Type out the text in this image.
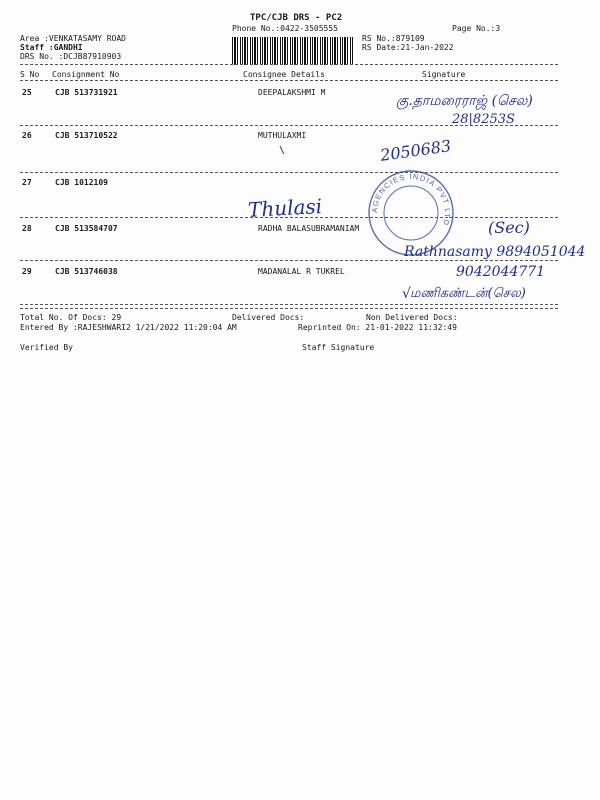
TPC/CJB DRS - PC2
Phone No.:0422-3505555	Page No.:3
Area :VENKATASAMY ROAD
Staff :GANDHI
DRS No. :DCJB87910903
RS No.:879109
RS Date:21-Jan-2022
S No Consignment No	Consignee Details	Signature
25	CJB 513731921	DEEPALAKSHMI M
26	CJB 513710522	MUTHULAXMI
\
27	CJB 1012109
28	CJB 513584707	RADHA BALASUBRAMANIAM
29	CJB 513746038	MADANALAL R TUKREL
AGENCIES INDIA PVT LTD
கு.தாமரைராஜ் (செல)
28|8253S
2050683
Thulasi
(Sec)
Rathnasamy 9894051044
9042044771
மணிகண்டன்(செல)
√
Total No. Of Docs: 29	Delivered Docs:	Non Delivered Docs:
Entered By :RAJESHWARI2 1/21/2022 11:20:04 AM	Reprinted On: 21-01-2022 11:32:49
Verified By	Staff Signature
